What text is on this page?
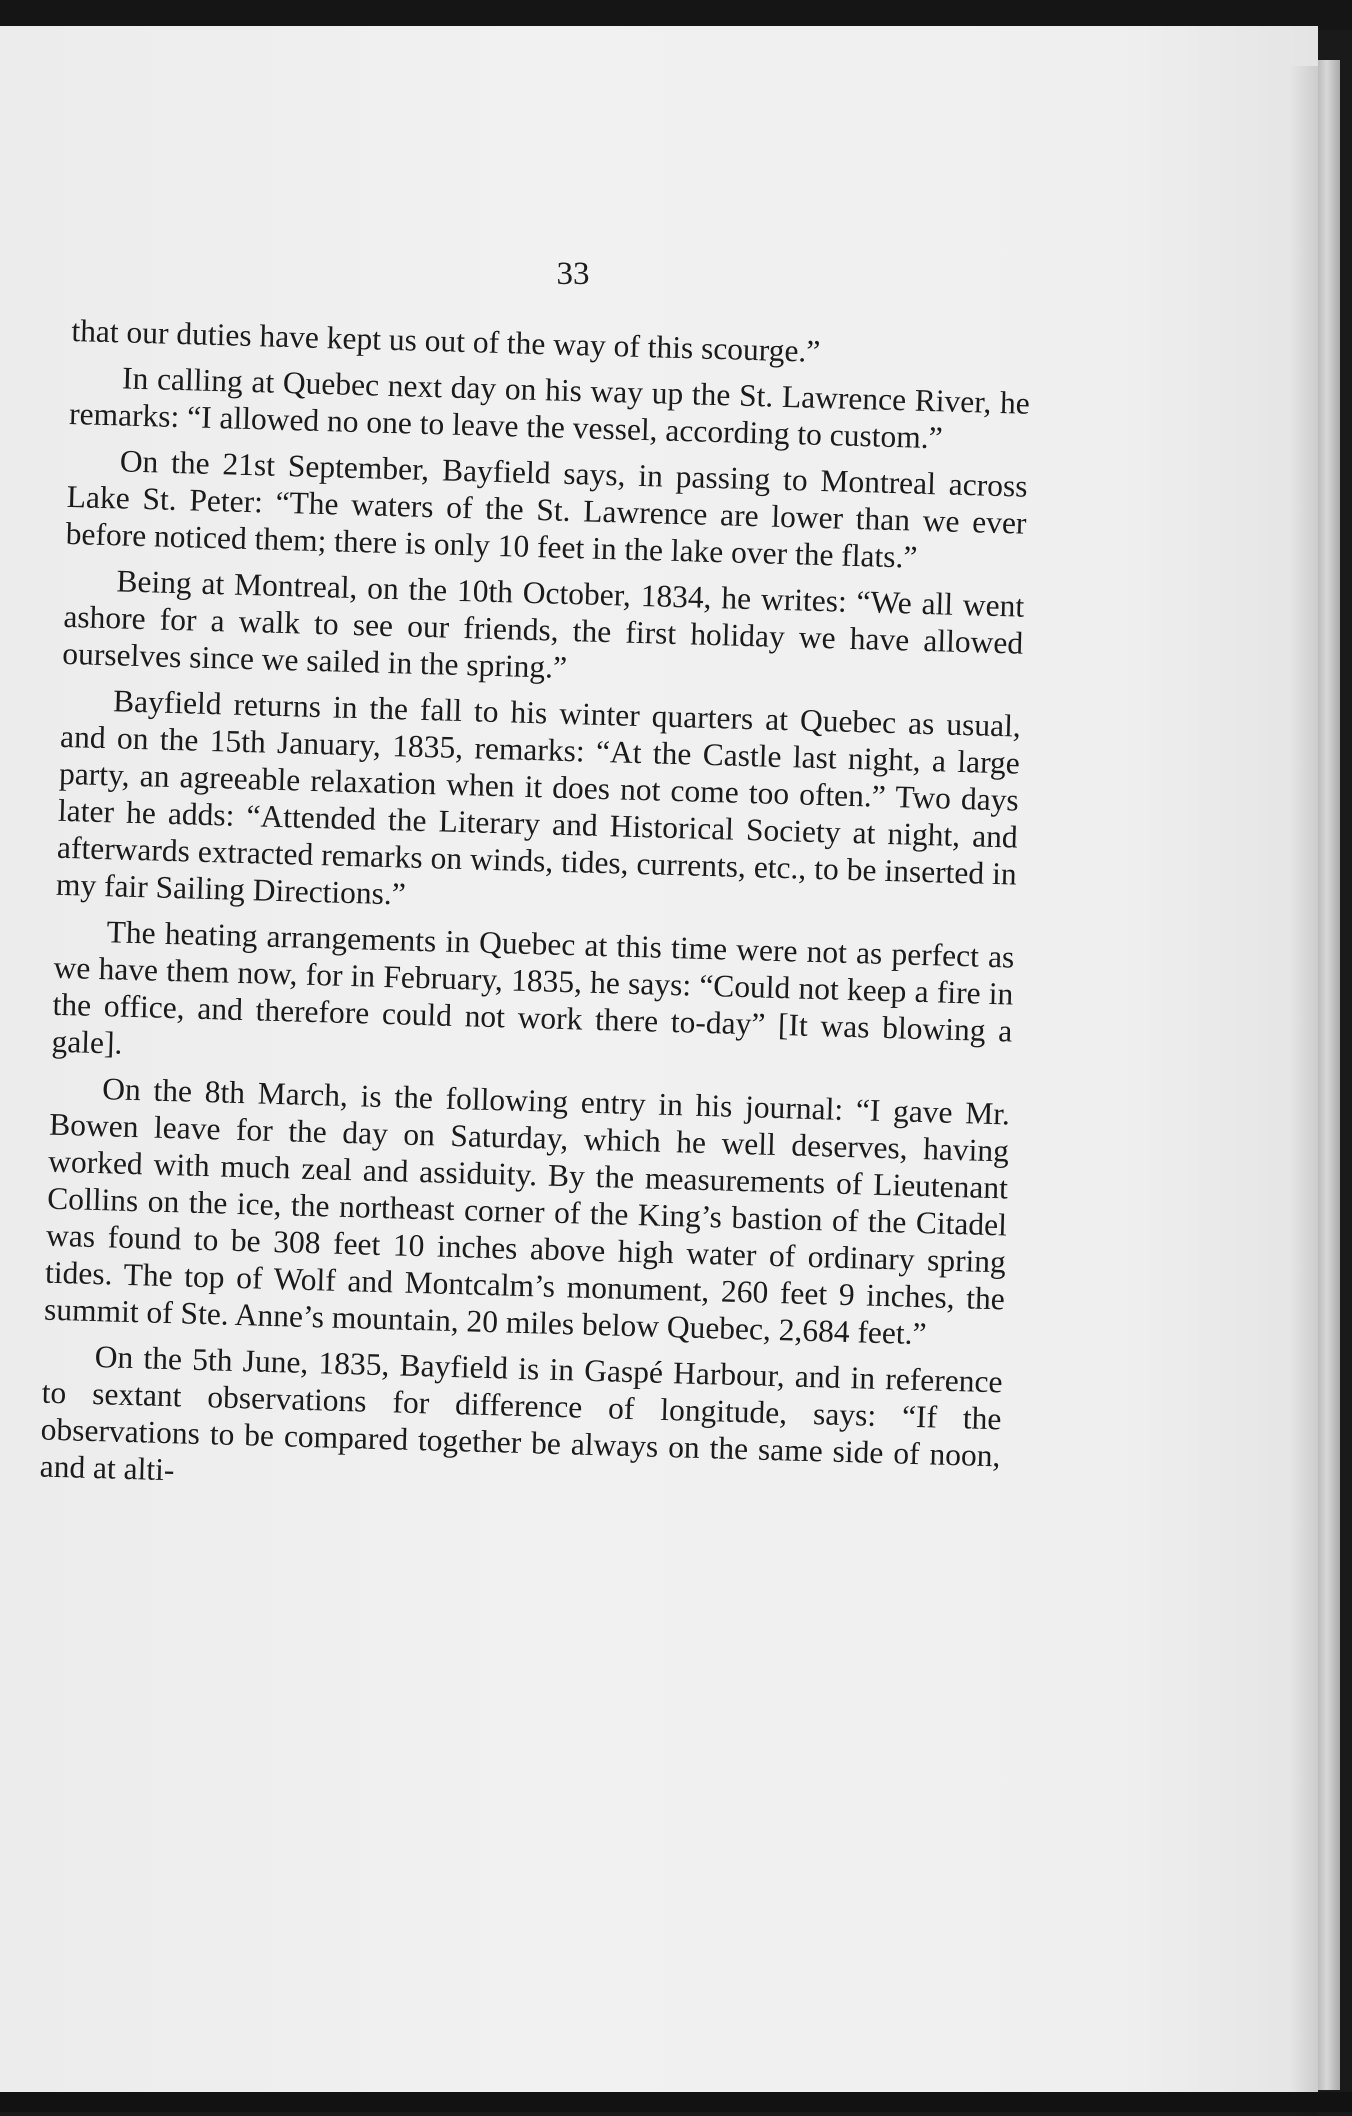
33

that our duties have kept us out of the way of this scourge.”

In calling at Quebec next day on his way up the St. Lawrence River, he remarks: “I allowed no one to leave the vessel, according to custom.”

On the 21st September, Bayfield says, in passing to Montreal across Lake St. Peter: “The waters of the St. Lawrence are lower than we ever before noticed them; there is only 10 feet in the lake over the flats.”

Being at Montreal, on the 10th October, 1834, he writes: “We all went ashore for a walk to see our friends, the first holiday we have allowed ourselves since we sailed in the spring.”

Bayfield returns in the fall to his winter quarters at Quebec as usual, and on the 15th January, 1835, remarks: “At the Castle last night, a large party, an agreeable relaxation when it does not come too often.” Two days later he adds: “Attended the Literary and Historical Society at night, and afterwards extracted remarks on winds, tides, currents, etc., to be inserted in my fair Sailing Directions.”

The heating arrangements in Quebec at this time were not as perfect as we have them now, for in February, 1835, he says: “Could not keep a fire in the office, and therefore could not work there to-day” [It was blowing a gale].

On the 8th March, is the following entry in his journal: “I gave Mr. Bowen leave for the day on Saturday, which he well deserves, having worked with much zeal and assiduity. By the measurements of Lieutenant Collins on the ice, the northeast corner of the King’s bastion of the Citadel was found to be 308 feet 10 inches above high water of ordinary spring tides. The top of Wolf and Montcalm’s monument, 260 feet 9 inches, the summit of Ste. Anne’s mountain, 20 miles below Quebec, 2,684 feet.”

On the 5th June, 1835, Bayfield is in Gaspé Harbour, and in reference to sextant observations for difference of longitude, says: “If the observations to be compared together be always on the same side of noon, and at alti-
